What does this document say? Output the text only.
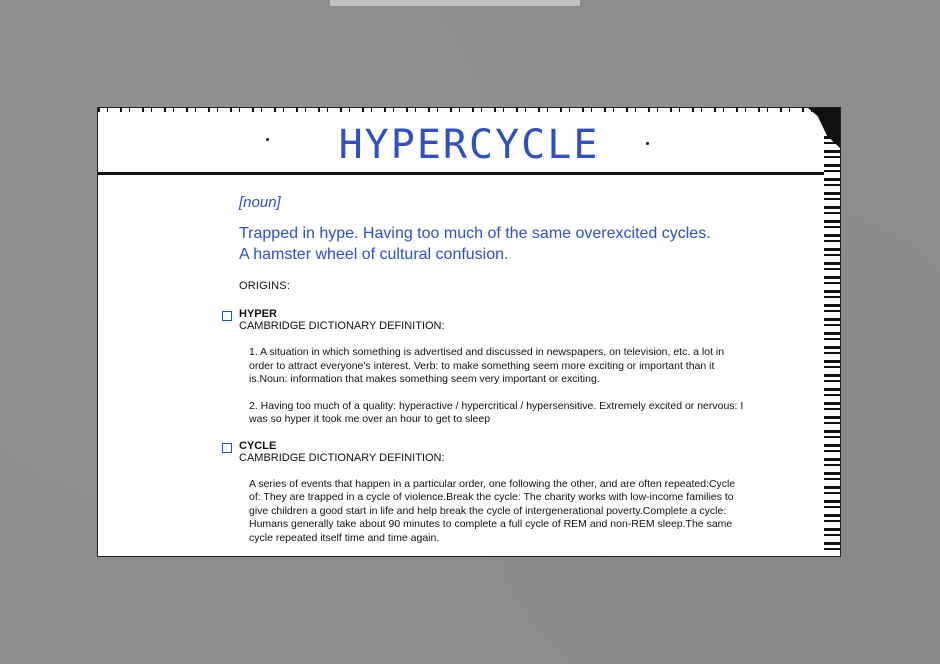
HYPERCYCLE

[noun]

Trapped in hype. Having too much of the same overexcited cycles.
A hamster wheel of cultural confusion.

ORIGINS:

HYPER

CAMBRIDGE DICTIONARY DEFINITION:

1. A situation in which something is advertised and discussed in newspapers, on television, etc. a lot in order to attract everyone's interest. Verb: to make something seem more exciting or important than it is.Noun: information that makes something seem very important or exciting.

2. Having too much of a quality: hyperactive / hypercritical / hypersensitive. Extremely excited or nervous: I was so hyper it took me over an hour to get to sleep

CYCLE

CAMBRIDGE DICTIONARY DEFINITION:

A series of events that happen in a particular order, one following the other, and are often repeated:Cycle of: They are trapped in a cycle of violence.Break the cycle: The charity works with low-income families to give children a good start in life and help break the cycle of intergenerational poverty.Complete a cycle: Humans generally take about 90 minutes to complete a full cycle of REM and non-REM sleep.The same cycle repeated itself time and time again.
